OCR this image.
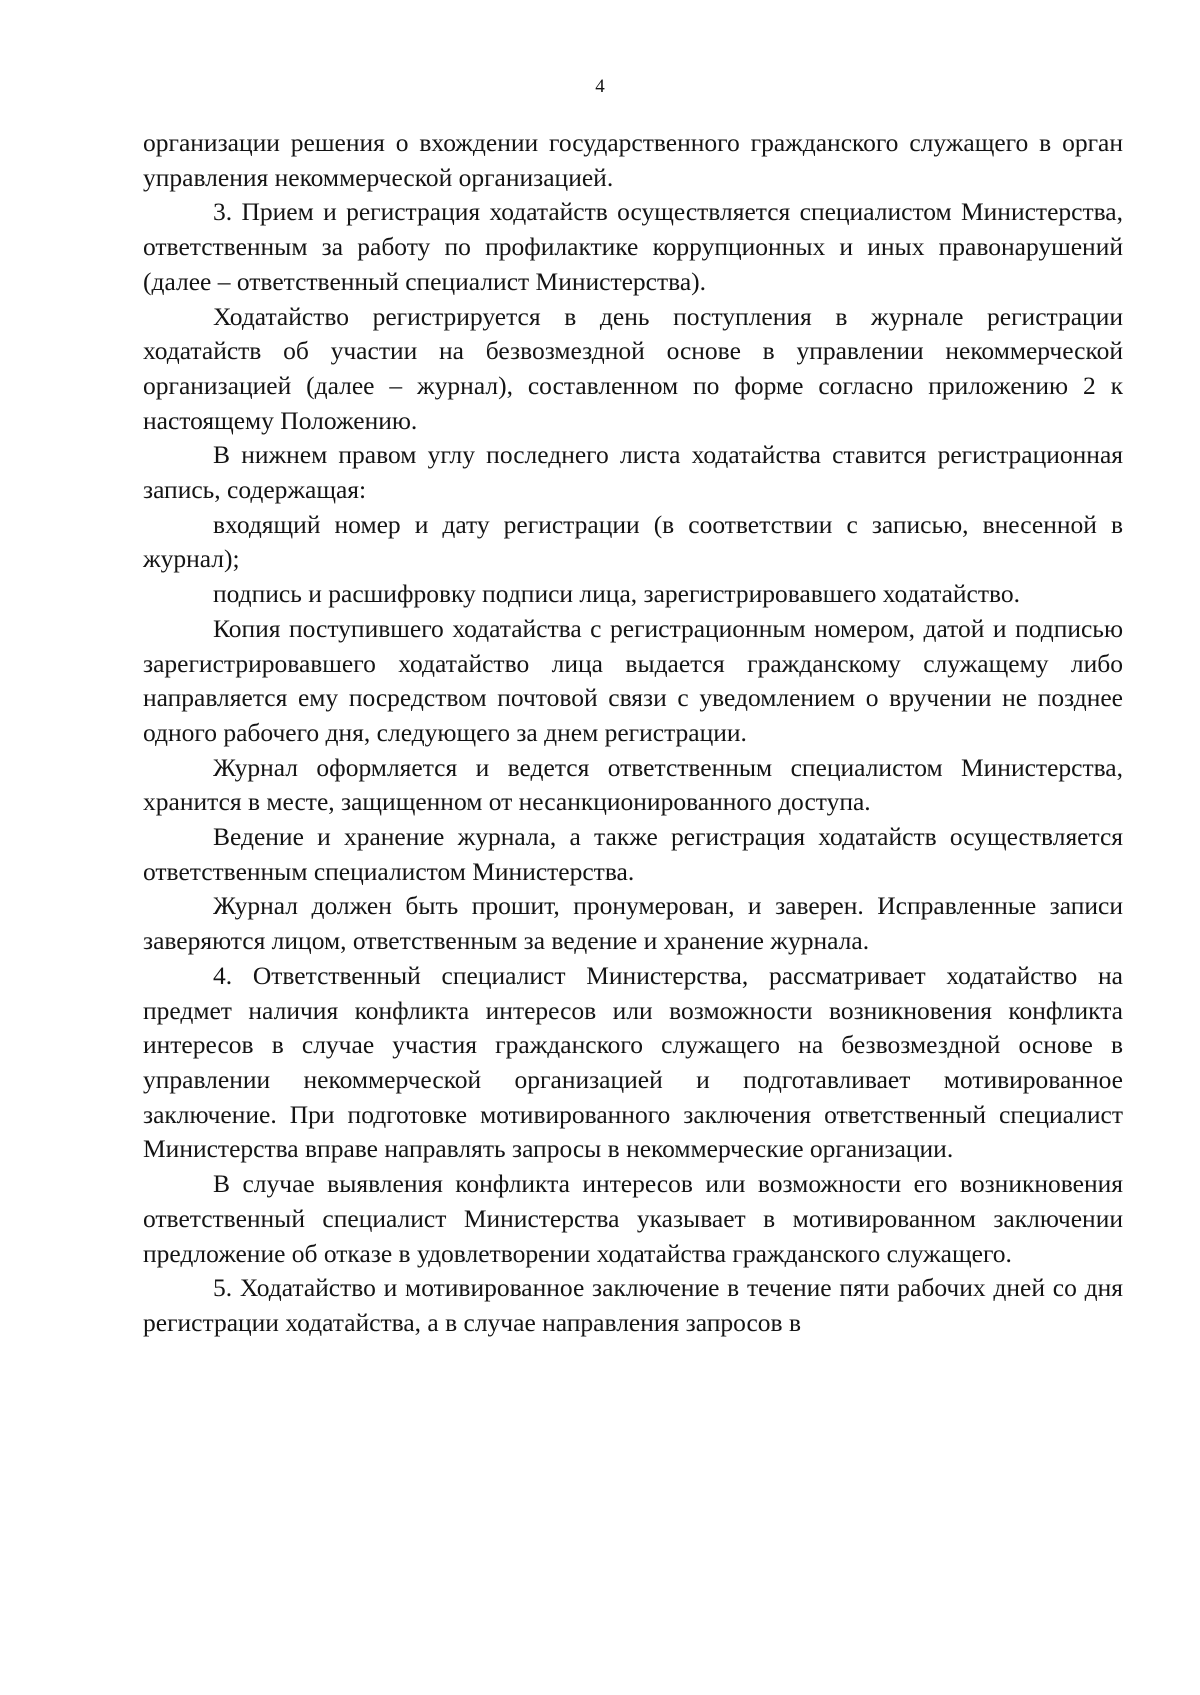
4

организации решения о вхождении государственного гражданского служащего в орган управления некоммерческой организацией.

3. Прием и регистрация ходатайств осуществляется специалистом Министерства, ответственным за работу по профилактике коррупционных и иных правонарушений (далее – ответственный специалист Министерства).

Ходатайство регистрируется в день поступления в журнале регистрации ходатайств об участии на безвозмездной основе в управлении некоммерческой организацией (далее – журнал), составленном по форме согласно приложению 2 к настоящему Положению.

В нижнем правом углу последнего листа ходатайства ставится регистрационная запись, содержащая:

входящий номер и дату регистрации (в соответствии с записью, внесенной в журнал);

подпись и расшифровку подписи лица, зарегистрировавшего ходатайство.

Копия поступившего ходатайства с регистрационным номером, датой и подписью зарегистрировавшего ходатайство лица выдается гражданскому служащему либо направляется ему посредством почтовой связи с уведомлением о вручении не позднее одного рабочего дня, следующего за днем регистрации.

Журнал оформляется и ведется ответственным специалистом Министерства, хранится в месте, защищенном от несанкционированного доступа.

Ведение и хранение журнала, а также регистрация ходатайств осуществляется ответственным специалистом Министерства.

Журнал должен быть прошит, пронумерован, и заверен. Исправленные записи заверяются лицом, ответственным за ведение и хранение журнала.

4. Ответственный специалист Министерства, рассматривает ходатайство на предмет наличия конфликта интересов или возможности возникновения конфликта интересов в случае участия гражданского служащего на безвозмездной основе в управлении некоммерческой организацией и подготавливает мотивированное заключение. При подготовке мотивированного заключения ответственный специалист Министерства вправе направлять запросы в некоммерческие организации.

В случае выявления конфликта интересов или возможности его возникновения ответственный специалист Министерства указывает в мотивированном заключении предложение об отказе в удовлетворении ходатайства гражданского служащего.

5. Ходатайство и мотивированное заключение в течение пяти рабочих дней со дня регистрации ходатайства, а в случае направления запросов в
